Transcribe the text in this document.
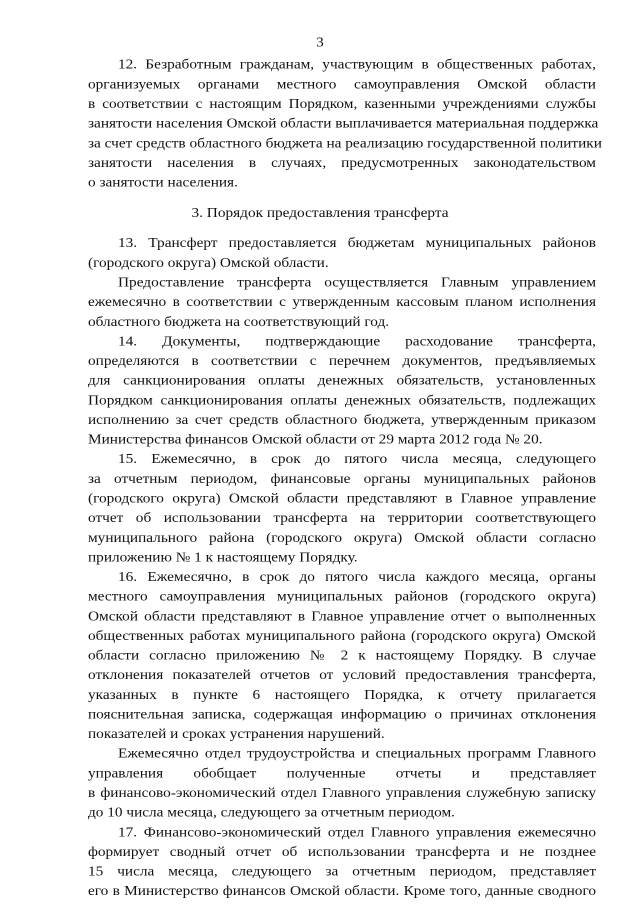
3
12. Безработным гражданам, участвующим в общественных работах,
организуемых органами местного самоуправления Омской области
в соответствии с настоящим Порядком, казенными учреждениями службы
занятости населения Омской области выплачивается материальная поддержка
за счет средств областного бюджета на реализацию государственной политики
занятости населения в случаях, предусмотренных законодательством
о занятости населения.
3. Порядок предоставления трансферта
13. Трансферт предоставляется бюджетам муниципальных районов
(городского округа) Омской области.
Предоставление трансферта осуществляется Главным управлением
ежемесячно в соответствии с утвержденным кассовым планом исполнения
областного бюджета на соответствующий год.
14. Документы, подтверждающие расходование трансферта,
определяются в соответствии с перечнем документов, предъявляемых
для санкционирования оплаты денежных обязательств, установленных
Порядком санкционирования оплаты денежных обязательств, подлежащих
исполнению за счет средств областного бюджета, утвержденным приказом
Министерства финансов Омской области от 29 марта 2012 года № 20.
15. Ежемесячно, в срок до пятого числа месяца, следующего
за отчетным периодом, финансовые органы муниципальных районов
(городского округа) Омской области представляют в Главное управление
отчет об использовании трансферта на территории соответствующего
муниципального района (городского округа) Омской области согласно
приложению № 1 к настоящему Порядку.
16. Ежемесячно, в срок до пятого числа каждого месяца, органы
местного самоуправления муниципальных районов (городского округа)
Омской области представляют в Главное управление отчет о выполненных
общественных работах муниципального района (городского округа) Омской
области согласно приложению № 2 к настоящему Порядку. В случае
отклонения показателей отчетов от условий предоставления трансферта,
указанных в пункте 6 настоящего Порядка, к отчету прилагается
пояснительная записка, содержащая информацию о причинах отклонения
показателей и сроках устранения нарушений.
Ежемесячно отдел трудоустройства и специальных программ Главного
управления обобщает полученные отчеты и представляет
в финансово-экономический отдел Главного управления служебную записку
до 10 числа месяца, следующего за отчетным периодом.
17. Финансово-экономический отдел Главного управления ежемесячно
формирует сводный отчет об использовании трансферта и не позднее
15 числа месяца, следующего за отчетным периодом, представляет
его в Министерство финансов Омской области. Кроме того, данные сводного
